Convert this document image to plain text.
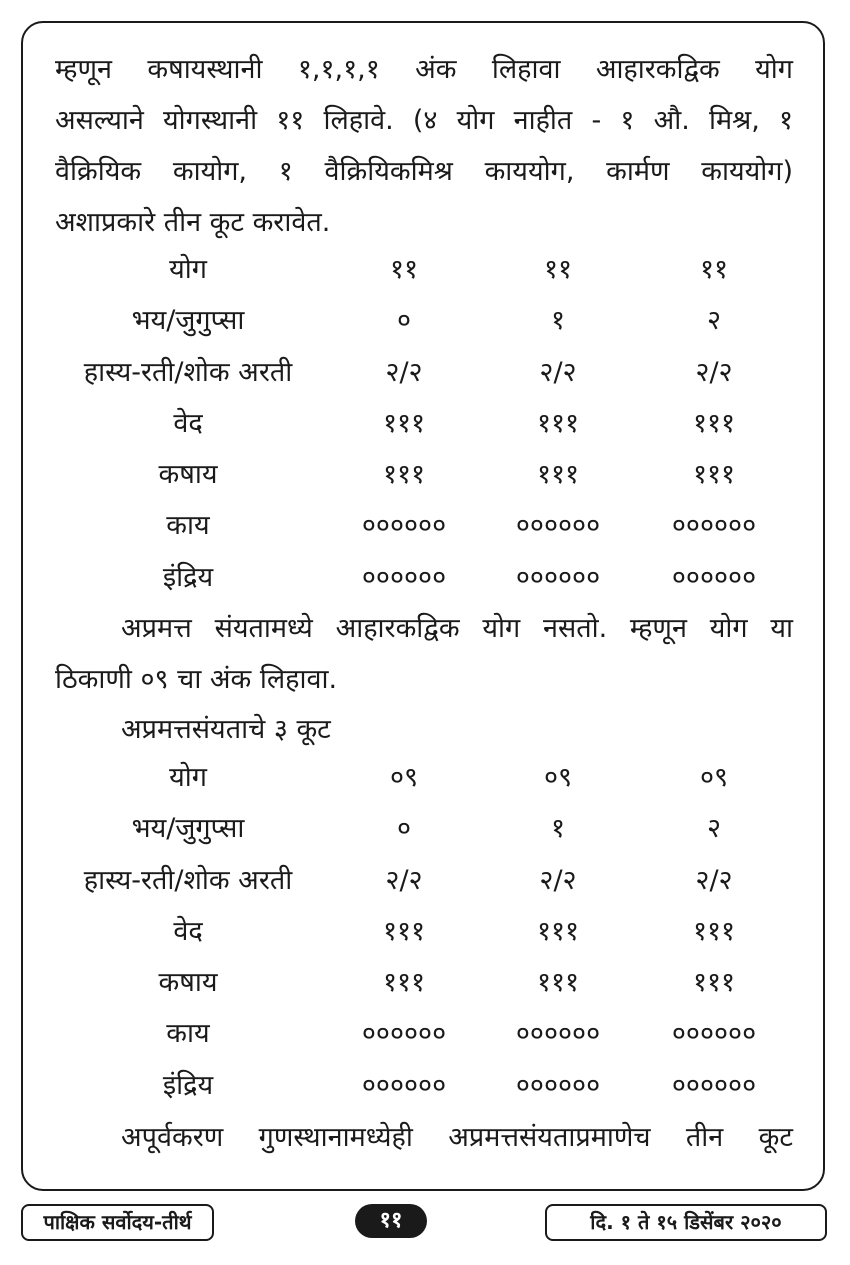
म्हणून कषायस्थानी १,१,१,१ अंक लिहावा आहारकद्विक योग
असल्याने योगस्थानी ११ लिहावे. (४ योग नाहीत - १ औ. मिश्र, १
वैक्रियिक कायोग, १ वैक्रियिकमिश्र काययोग, कार्मण काययोग)
अशाप्रकारे तीन कूट करावेत.
योग	११	११	११
भय/जुगुप्सा	०	१	२
हास्य-रती/शोक अरती	२/२	२/२	२/२
वेद	१११	१११	१११
कषाय	१११	१११	१११
काय	००००००	००००००	००००००
इंद्रिय	००००००	००००००	००००००
अप्रमत्त संयतामध्ये आहारकद्विक योग नसतो. म्हणून योग या
ठिकाणी ०९ चा अंक लिहावा.
अप्रमत्तसंयताचे ३ कूट
योग	०९	०९	०९
भय/जुगुप्सा	०	१	२
हास्य-रती/शोक अरती	२/२	२/२	२/२
वेद	१११	१११	१११
कषाय	१११	१११	१११
काय	००००००	००००००	००००००
इंद्रिय	००००००	००००००	००००००
अपूर्वकरण गुणस्थानामध्येही अप्रमत्तसंयताप्रमाणेच तीन कूट
पाक्षिक सर्वोदय-तीर्थ	११	दि. १ ते १५ डिसेंबर २०२०
